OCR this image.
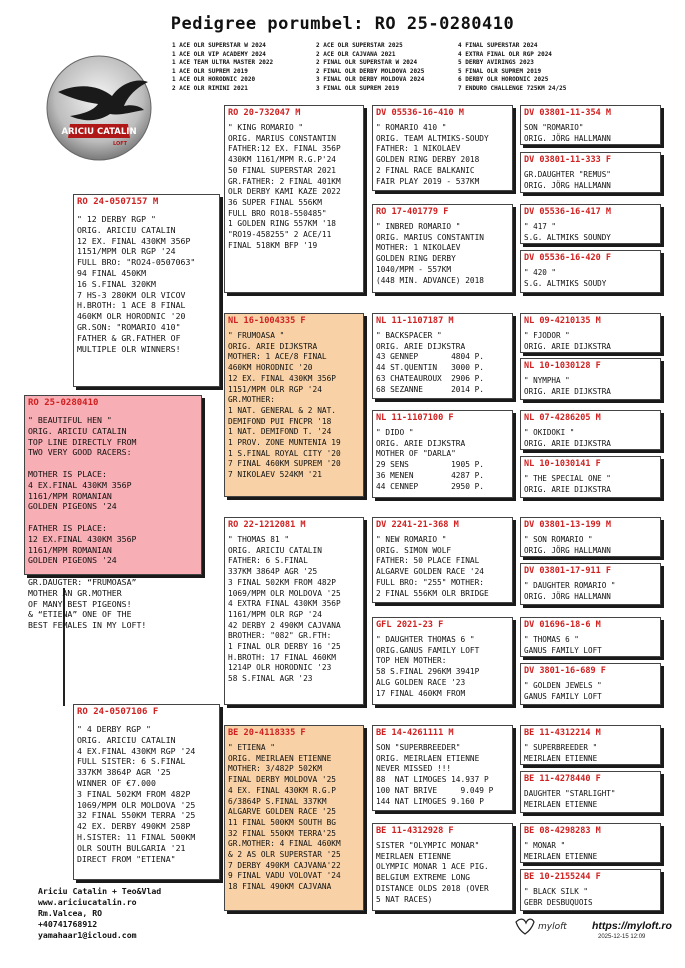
Pedigree porumbel: RO 25-0280410
1 ACE OLR SUPERSTAR W 2024
1 ACE OLR VIP ACADEMY 2024
1 ACE TEAM ULTRA MASTER 2022
1 ACE OLR SUPREM 2019
1 ACE OLR HORODNIC 2020
2 ACE OLR RIMINI 2021
2 ACE OLR SUPERSTAR 2025
2 ACE OLR CAJVANA 2021
2 FINAL OLR SUPERSTAR W 2024
2 FINAL OLR DERBY MOLDOVA 2025
3 FINAL OLR DERBY MOLDOVA 2024
3 FINAL OLR SUPREM 2019
4 FINAL SUPERSTAR 2024
4 EXTRA FINAL OLR RGP 2024
5 DERBY AVIRINGS 2023
5 FINAL OLR SUPREM 2019
6 DERBY OLR HORODNIC 2025
7 ENDURO CHALLENGE 725KM 24/25
ARICIU CATALIN
LOFT
RO 25-0280410
" BEAUTIFUL HEN "
ORIG. ARICIU CATALIN
TOP LINE DIRECTLY FROM
TWO VERY GOOD RACERS:

MOTHER IS PLACE:
4 EX.FINAL 430KM 356P
1161/MPM ROMANIAN
GOLDEN PIGEONS '24

FATHER IS PLACE:
12 EX.FINAL 430KM 356P
1161/MPM ROMANIAN
GOLDEN PIGEONS '24

GR.DAUGTER: “FRUMOASA”
MOTHER AN GR.MOTHER
OF MANY BEST PIGEONS!
& “ETIENA” ONE OF THE
BEST FEMALES IN MY LOFT!
RO 24-0507157 M
" 12 DERBY RGP "
ORIG. ARICIU CATALIN
12 EX. FINAL 430KM 356P
1151/MPM OLR RGP '24
FULL BRO: "RO24-0507063"
94 FINAL 450KM
16 S.FINAL 320KM
7 HS-3 280KM OLR VICOV
H.BROTH: 1 ACE 8 FINAL
460KM OLR HORODNIC '20
GR.SON: "ROMARIO 410"
FATHER & GR.FATHER OF
MULTIPLE OLR WINNERS!
RO 24-0507106 F
" 4 DERBY RGP "
ORIG. ARICIU CATALIN
4 EX.FINAL 430KM RGP '24
FULL SISTER: 6 S.FINAL
337KM 3864P AGR '25
WINNER OF €7.000
3 FINAL 502KM FROM 482P
1069/MPM OLR MOLDOVA '25
32 FINAL 550KM TERRA '25
42 EX. DERBY 490KM 258P
H.SISTER: 11 FINAL 500KM
OLR SOUTH BULGARIA '21
DIRECT FROM "ETIENA"
RO 20-732047 M
" KING ROMARIO "
ORIG. MARIUS CONSTANTIN
FATHER:12 EX. FINAL 356P
430KM 1161/MPM R.G.P'24
50 FINAL SUPERSTAR 2021
GR.FATHER: 2 FINAL 401KM
OLR DERBY KAMI KAZE 2022
36 SUPER FINAL 556KM
FULL BRO RO18-550485"
1 GOLDEN RING 557KM '18
"RO19-458255" 2 ACE/11
FINAL 518KM BFP '19
NL 16-1004335 F
" FRUMOASA "
ORIG. ARIE DIJKSTRA
MOTHER: 1 ACE/8 FINAL
460KM HORODNIC '20
12 EX. FINAL 430KM 356P
1151/MPM OLR RGP '24
GR.MOTHER:
1 NAT. GENERAL & 2 NAT.
DEMIFOND PUI FNCPR '18
1 NAT. DEMIFOND T. '24
1 PROV. ZONE MUNTENIA 19
1 S.FINAL ROYAL CITY '20
7 FINAL 460KM SUPREM '20
7 NIKOLAEV 524KM '21
RO 22-1212081 M
" THOMAS 81 "
ORIG. ARICIU CATALIN
FATHER: 6 S.FINAL
337KM 3864P AGR '25
3 FINAL 502KM FROM 482P
1069/MPM OLR MOLDOVA '25
4 EXTRA FINAL 430KM 356P
1161/MPM OLR RGP '24
42 DERBY 2 490KM CAJVANA
BROTHER: "082" GR.FTH:
1 FINAL OLR DERBY 16 '25
H.BROTH: 17 FINAL 460KM
1214P OLR HORODNIC '23
58 S.FINAL AGR '23
BE 20-4118335 F
" ETIENA "
ORIG. MEIRLAEN ETIENNE
MOTHER: 3/482P 502KM
FINAL DERBY MOLDOVA '25
4 EX. FINAL 430KM R.G.P
6/3864P S.FINAL 337KM
ALGARVE GOLDEN RACE '25
11 FINAL 500KM SOUTH BG
32 FINAL 550KM TERRA'25
GR.MOTHER: 4 FINAL 460KM
& 2 AS OLR SUPERSTAR '25
7 DERBY 490KM CAJVANA'22
9 FINAL VADU VOLOVAT '24
18 FINAL 490KM CAJVANA
DV 05536-16-410 M
" ROMARIO 410 "
ORIG. TEAM ALTMIKS-SOUDY
FATHER: 1 NIKOLAEV
GOLDEN RING DERBY 2018
2 FINAL RACE BALKANIC
FAIR PLAY 2019 - 537KM
RO 17-401779 F
" INBRED ROMARIO "
ORIG. MARIUS CONSTANTIN
MOTHER: 1 NIKOLAEV
GOLDEN RING DERBY
1040/MPM - 557KM
(448 MIN. ADVANCE) 2018
NL 11-1107187 M
" BACKSPACER "
ORIG. ARIE DIJKSTRA
43 GENNEP       4804 P.
44 ST.QUENTIN   3000 P.
63 CHATEAUROUX  2906 P.
68 SEZANNE      2014 P.
NL 11-1107100 F
" DIDO "
ORIG. ARIE DIJKSTRA
MOTHER OF "DARLA"
29 SENS         1905 P.
36 MENEN        4287 P.
44 CENNEP       2950 P.
DV 2241-21-368 M
" NEW ROMARIO "
ORIG. SIMON WOLF
FATHER: 50 PLACE FINAL
ALGARVE GOLDEN RACE '24
FULL BRO: "255" MOTHER:
2 FINAL 556KM OLR BRIDGE
GFL 2021-23 F
" DAUGHTER THOMAS 6 "
ORIG.GANUS FAMILY LOFT
TOP HEN MOTHER:
58 S.FINAL 296KM 3941P
ALG GOLDEN RACE '23
17 FINAL 460KM FROM
BE 14-4261111 M
SON "SUPERBREEDER"
ORIG. MEIRLAEN ETIENNE
NEVER MISSED !!!
88  NAT LIMOGES 14.937 P
100 NAT BRIVE     9.049 P
144 NAT LIMOGES 9.160 P
BE 11-4312928 F
SISTER "OLYMPIC MONAR"
MEIRLAEN ETIENNE
OLYMPIC MONAR 1 ACE PIG.
BELGIUM EXTREME LONG
DISTANCE OLDS 2018 (OVER
5 NAT RACES)
DV 03801-11-354 M
SON "ROMARIO"
ORIG. JÖRG HALLMANN
DV 03801-11-333 F
GR.DAUGHTER "REMUS"
ORIG. JÖRG HALLMANN
DV 05536-16-417 M
" 417 "
S.G. ALTMIKS SOUNDY
DV 05536-16-420 F
" 420 "
S.G. ALTMIKS SOUDY
NL 09-4210135 M
" FJODOR "
ORIG. ARIE DIJKSTRA
NL 10-1030128 F
" NYMPHA "
ORIG. ARIE DIJKSTRA
NL 07-4286205 M
" OKIDOKI "
ORIG. ARIE DIJKSTRA
NL 10-1030141 F
" THE SPECIAL ONE "
ORIG. ARIE DIJKSTRA
DV 03801-13-199 M
" SON ROMARIO "
ORIG. JÖRG HALLMANN
DV 03801-17-911 F
" DAUGHTER ROMARIO "
ORIG. JÖRG HALLMANN
DV 01696-18-6 M
" THOMAS 6 "
GANUS FAMILY LOFT
DV 3801-16-689 F
" GOLDEN JEWELS "
GANUS FAMILY LOFT
BE 11-4312214 M
" SUPERBREEDER "
MEIRLAEN ETIENNE
BE 11-4278440 F
DAUGHTER "STARLIGHT"
MEIRLAEN ETIENNE
BE 08-4298283 M
" MONAR "
MEIRLAEN ETIENNE
BE 10-2155244 F
" BLACK SILK "
GEBR DESBUQUOIS
Ariciu Catalin + Teo&Vlad
www.ariciucatalin.ro
Rm.Valcea, RO
+40741768912
yamahaar1@icloud.com
myloft https://myloft.ro
2025-12-15 12:09
